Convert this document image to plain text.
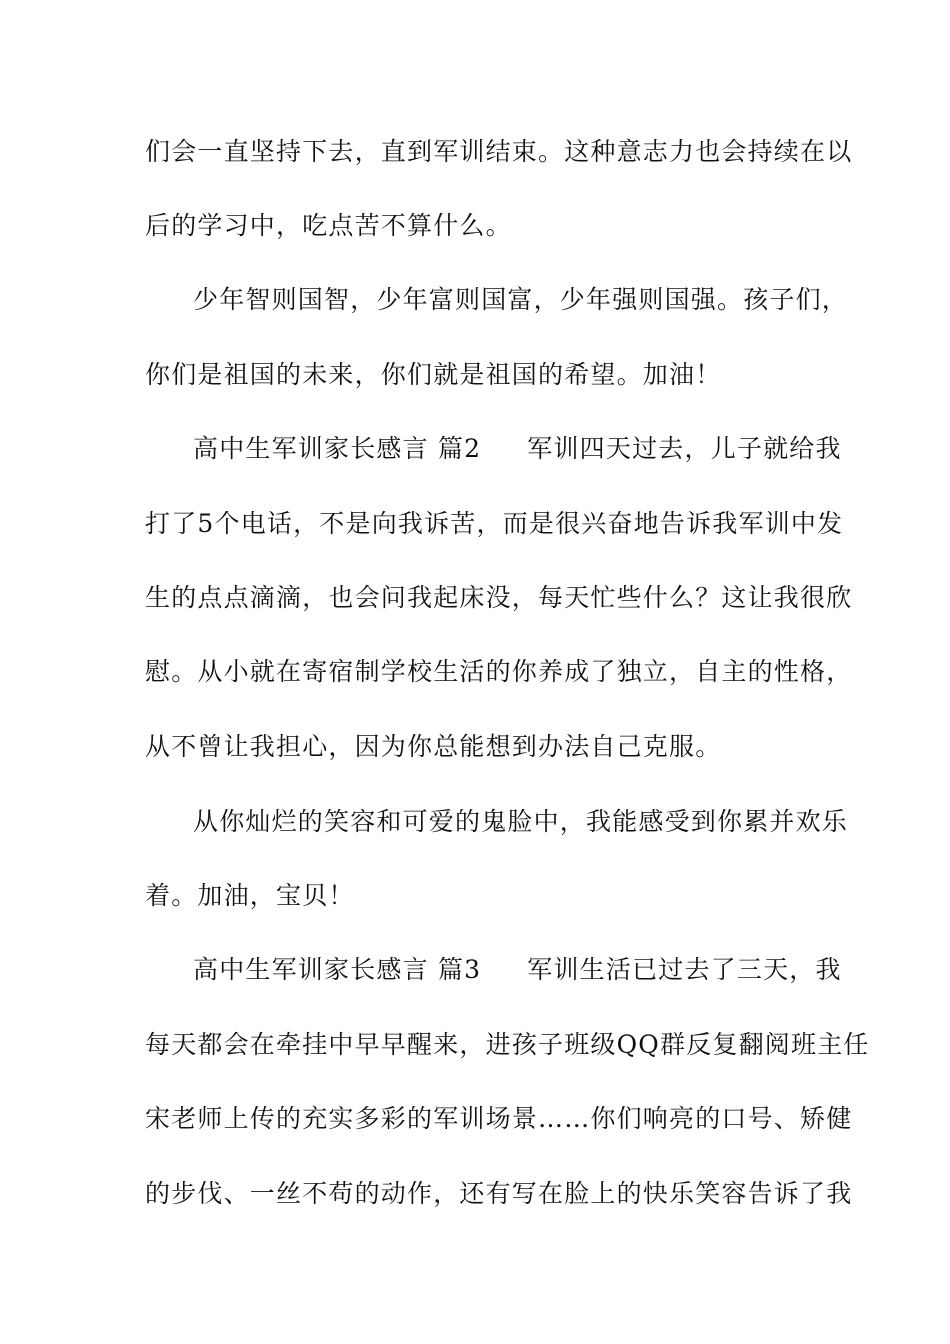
们会一直坚持下去，直到军训结束。这种意志力也会持续在以
后的学习中，吃点苦不算什么。
少年智则国智，少年富则国富，少年强则国强。孩子们，
你们是祖国的未来，你们就是祖国的希望。加油！
高中生军训家长感言 篇2 军训四天过去，儿子就给我
打了5个电话，不是向我诉苦，而是很兴奋地告诉我军训中发
生的点点滴滴，也会问我起床没，每天忙些什么？这让我很欣
慰。从小就在寄宿制学校生活的你养成了独立，自主的性格，
从不曾让我担心，因为你总能想到办法自己克服。
从你灿烂的笑容和可爱的鬼脸中，我能感受到你累并欢乐
着。加油，宝贝！
高中生军训家长感言 篇3 军训生活已过去了三天，我
每天都会在牵挂中早早醒来，进孩子班级QQ群反复翻阅班主任
宋老师上传的充实多彩的军训场景……你们响亮的口号、矫健
的步伐、一丝不苟的动作，还有写在脸上的快乐笑容告诉了我
